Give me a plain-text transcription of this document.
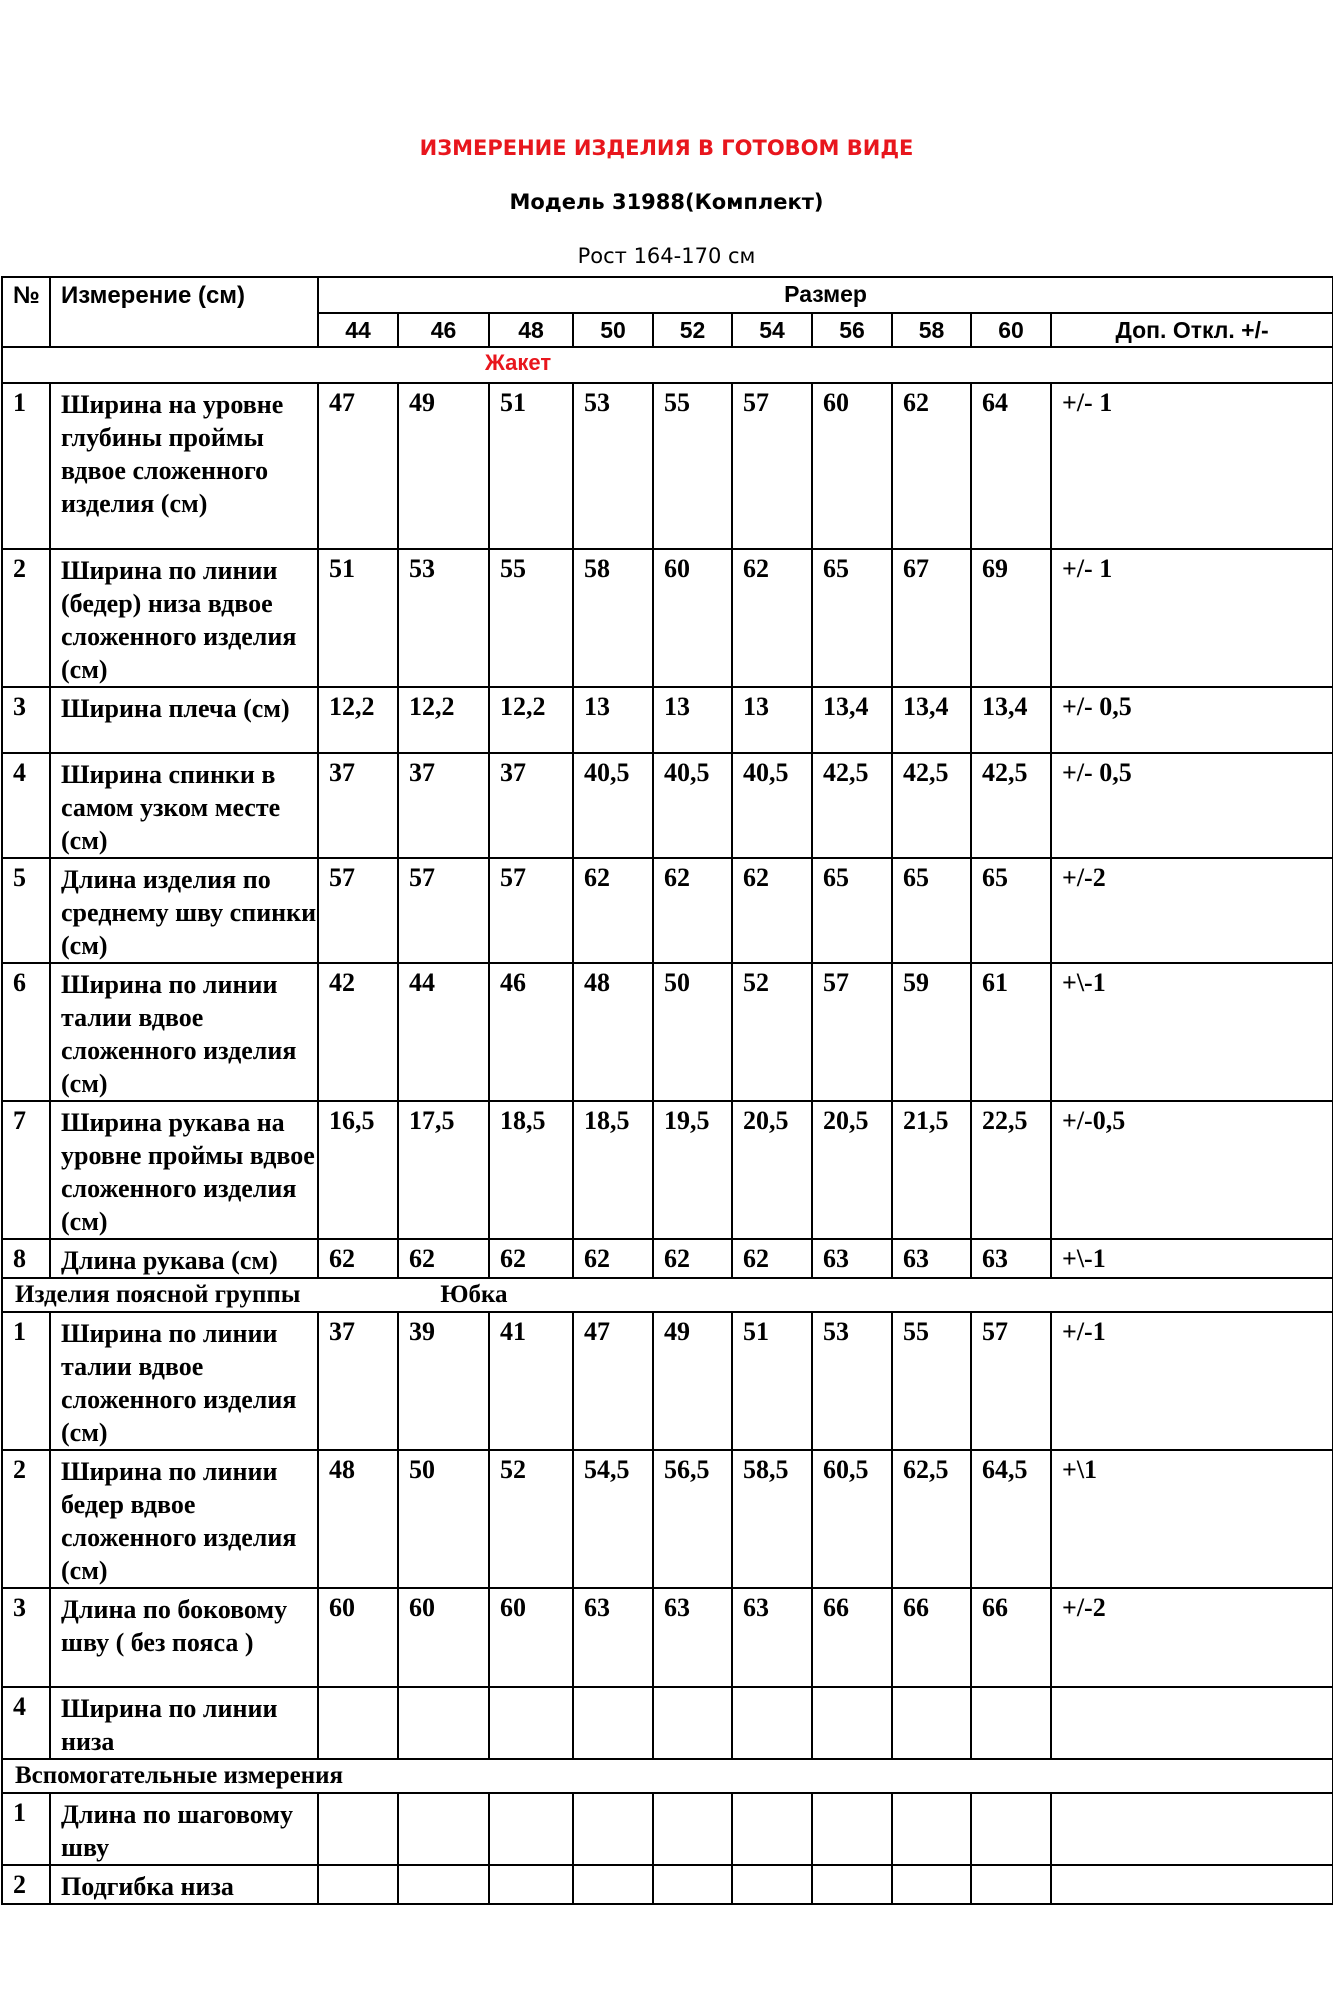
ИЗМЕРЕНИЕ ИЗДЕЛИЯ В ГОТОВОМ ВИДЕ
Модель 31988(Комплект)
Рост 164-170 см
№	Измерение (см)	Размер									
		44	46	48	50	52	54	56	58	60	Доп. Откл. +/-
Жакет											
1	Ширина на уровне глубины проймы вдвое сложенного изделия (см)	47	49	51	53	55	57	60	62	64	+/- 1
2	Ширина по линии (бедер) низа вдвое сложенного изделия (см)	51	53	55	58	60	62	65	67	69	+/- 1
3	Ширина плеча (см)	12,2	12,2	12,2	13	13	13	13,4	13,4	13,4	+/- 0,5
4	Ширина спинки в самом узком месте (см)	37	37	37	40,5	40,5	40,5	42,5	42,5	42,5	+/- 0,5
5	Длина изделия по среднему шву спинки (см)	57	57	57	62	62	62	65	65	65	+/-2
6	Ширина по линии талии вдвое сложенного изделия (см)	42	44	46	48	50	52	57	59	61	+\-1
7	Ширина рукава на уровне проймы вдвое сложенного изделия (см)	16,5	17,5	18,5	18,5	19,5	20,5	20,5	21,5	22,5	+/-0,5
8	Длина рукава (см)	62	62	62	62	62	62	63	63	63	+\-1
Изделия поясной группы Юбка											
1	Ширина по линии талии вдвое сложенного изделия (см)	37	39	41	47	49	51	53	55	57	+/-1
2	Ширина по линии бедер вдвое сложенного изделия (см)	48	50	52	54,5	56,5	58,5	60,5	62,5	64,5	+\1
3	Длина по боковому шву ( без пояса )	60	60	60	63	63	63	66	66	66	+/-2
4	Ширина по линии низа										
Вспомогательные измерения											
1	Длина по шаговому шву										
2	Подгибка низа										
